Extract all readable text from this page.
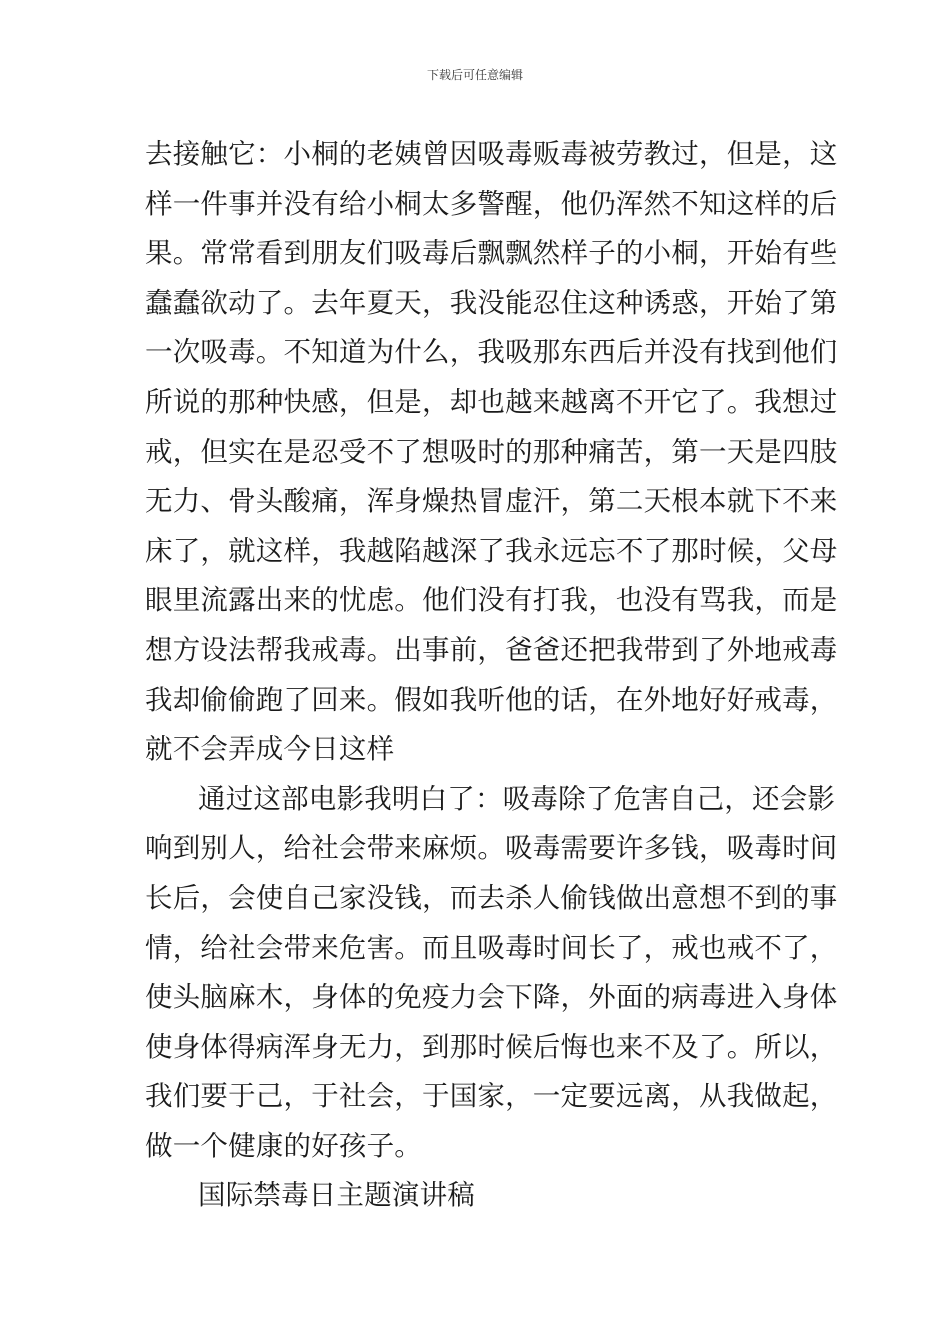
下载后可任意编辑
去接触它：小桐的老姨曾因吸毒贩毒被劳教过，但是，这
样一件事并没有给小桐太多警醒，他仍浑然不知这样的后
果。常常看到朋友们吸毒后飘飘然样子的小桐，开始有些
蠢蠢欲动了。去年夏天，我没能忍住这种诱惑，开始了第
一次吸毒。不知道为什么，我吸那东西后并没有找到他们
所说的那种快感，但是，却也越来越离不开它了。我想过
戒，但实在是忍受不了想吸时的那种痛苦，第一天是四肢
无力、骨头酸痛，浑身燥热冒虚汗，第二天根本就下不来
床了，就这样，我越陷越深了我永远忘不了那时候，父母
眼里流露出来的忧虑。他们没有打我，也没有骂我，而是
想方设法帮我戒毒。出事前，爸爸还把我带到了外地戒毒
我却偷偷跑了回来。假如我听他的话，在外地好好戒毒，
就不会弄成今日这样
通过这部电影我明白了：吸毒除了危害自己，还会影
响到别人，给社会带来麻烦。吸毒需要许多钱，吸毒时间
长后，会使自己家没钱，而去杀人偷钱做出意想不到的事
情，给社会带来危害。而且吸毒时间长了，戒也戒不了，
使头脑麻木，身体的免疫力会下降，外面的病毒进入身体
使身体得病浑身无力，到那时候后悔也来不及了。所以，
我们要于己，于社会，于国家，一定要远离，从我做起，
做一个健康的好孩子。
国际禁毒日主题演讲稿
